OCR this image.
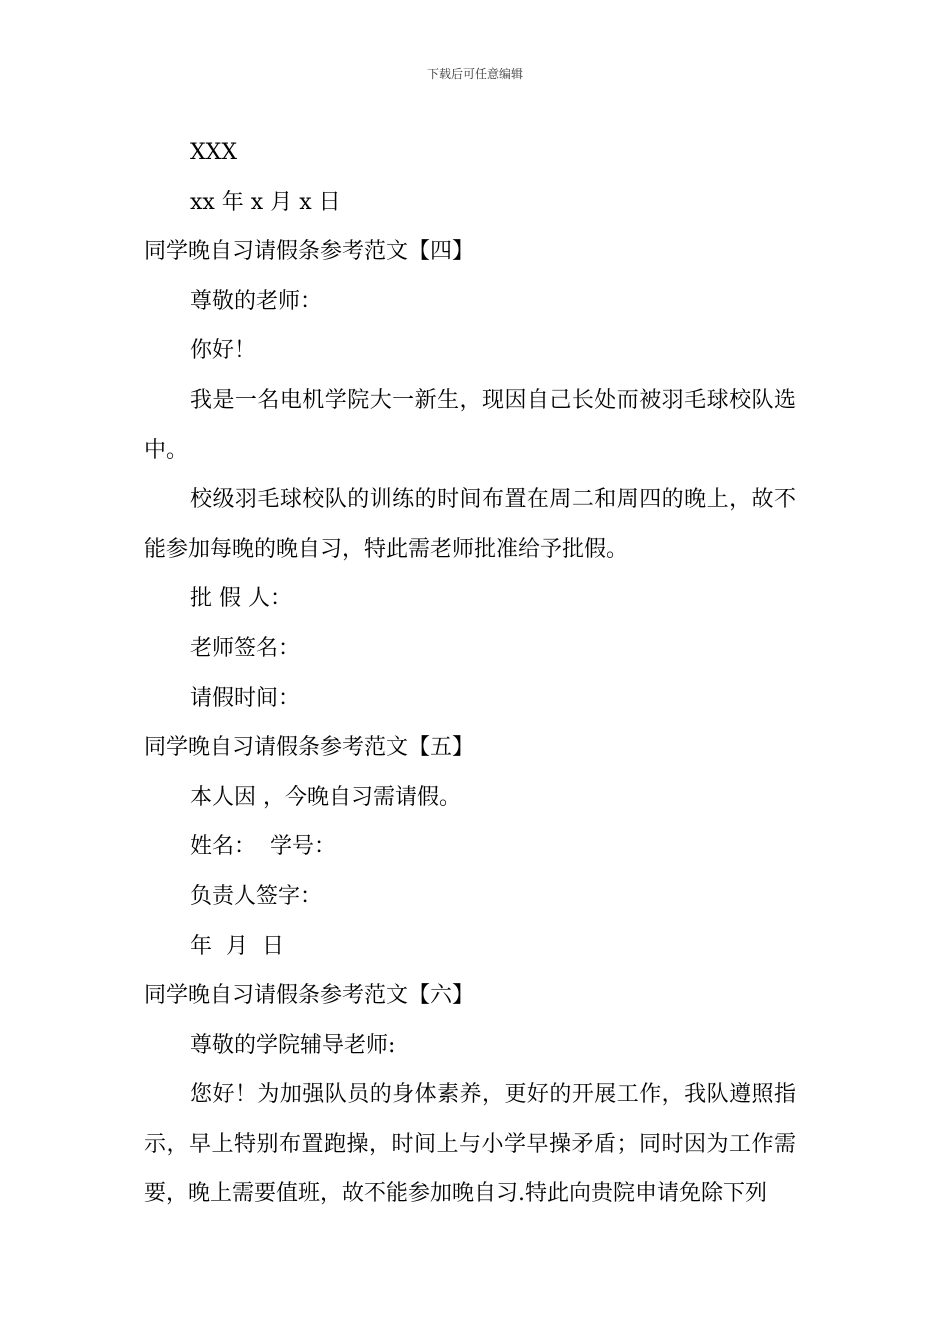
下载后可任意编辑
XXX
xx 年 x 月 x 日
同学晚自习请假条参考范文【四】
尊敬的老师：
你好！
我是一名电机学院大一新生，现因自己长处而被羽毛球校队选中。
校级羽毛球校队的训练的时间布置在周二和周四的晚上，故不能参加每晚的晚自习，特此需老师批准给予批假。
批 假 人：
老师签名：
请假时间：
同学晚自习请假条参考范文【五】
本人因 ，今晚自习需请假。
姓名：  学号：
负责人签字：
年  月  日
同学晚自习请假条参考范文【六】
尊敬的学院辅导老师:
您好！为加强队员的身体素养，更好的开展工作，我队遵照指示，早上特别布置跑操，时间上与小学早操矛盾；同时因为工作需要，晚上需要值班，故不能参加晚自习.特此向贵院申请免除下列
